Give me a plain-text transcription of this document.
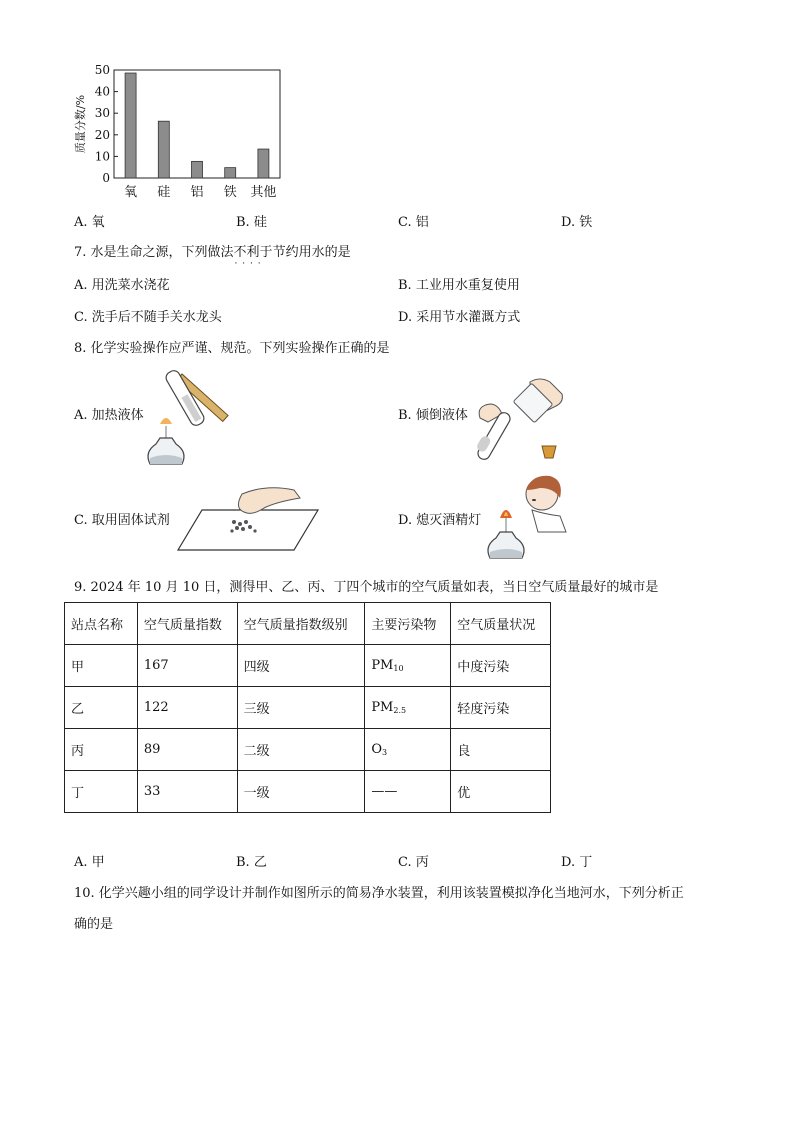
0
10
20
30
40
50
质量分数/%
氧 硅 铝 铁 其他
A. 氧	B. 硅	C. 铝	D. 铁
7. 水是生命之源，下列做法不利于 · · · ·节约用水的是
A. 用洗菜水浇花	B. 工业用水重复使用
C. 洗手后不随手关水龙头	D. 采用节水灌溉方式
8. 化学实验操作应严谨、规范。下列实验操作正确的是
A. 加热液体	B. 倾倒液体
C. 取用固体试剂	D. 熄灭酒精灯
9. 2024 年 10 月 10 日，测得甲、乙、丙、丁四个城市的空气质量如表，当日空气质量最好的城市是
站点名称	空气质量指数	空气质量指数级别	主要污染物	空气质量状况
甲	167	四级	$PM_{10}$	中度污染
乙	122	三级	$PM_{2.5}$	轻度污染
丙	89	二级	$O_3$	良
丁	33	一级	——	优
A. 甲	B. 乙	C. 丙	D. 丁
10. 化学兴趣小组的同学设计并制作如图所示的简易净水装置，利用该装置模拟净化当地河水，下列分析正
确的是
